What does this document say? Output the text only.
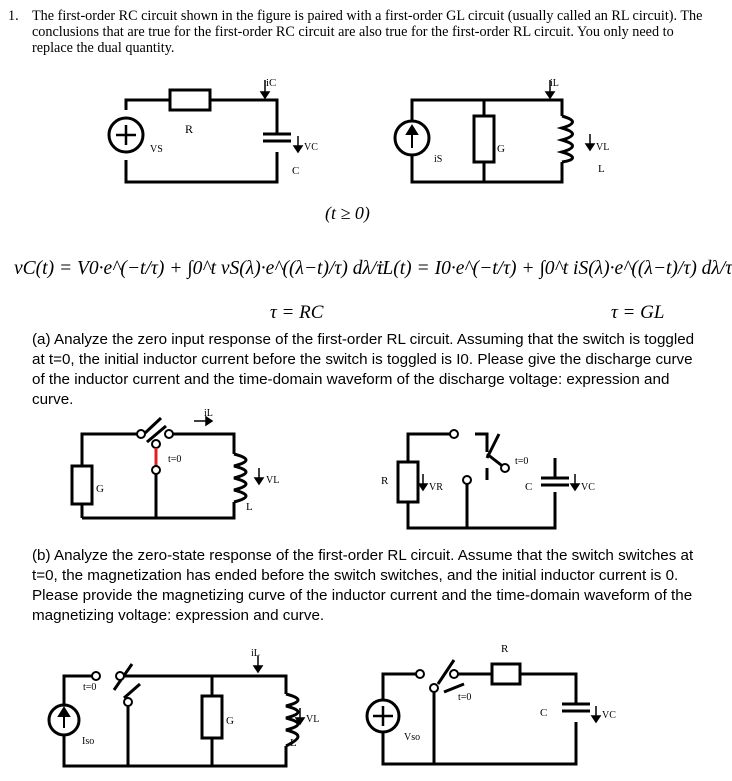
1. The first-order RC circuit shown in the figure is paired with a first-order GL circuit (usually called an RL circuit). The conclusions that are true for the first-order RC circuit are also true for the first-order RL circuit. You only need to replace the dual quantity.
R
VS
iC
C
VC
iS
G
iL
L
VL
(t ≥ 0)
vC(t) = V0·e^(−t/τ) + ∫0^t vS(λ)·e^((λ−t)/τ) dλ/τ
iL(t) = I0·e^(−t/τ) + ∫0^t iS(λ)·e^((λ−t)/τ) dλ/τ
τ = RC	τ = GL
(a) Analyze the zero input response of the first-order RL circuit. Assuming that the switch is toggled at t=0, the initial inductor current before the switch is toggled is I0. Please give the discharge curve of the inductor current and the time-domain waveform of the discharge voltage: expression and curve.
G
t=0
iL
L
VL	R
VR
t=0
C	VC
(b) Analyze the zero-state response of the first-order RL circuit. Assume that the switch switches at t=0, the magnetization has ended before the switch switches, and the initial inductor current is 0. Please provide the magnetizing curve of the inductor current and the time-domain waveform of the magnetizing voltage: expression and curve.
t=0
Iso
G
iL
L
VL
Vso
t=0
R
C	VC
